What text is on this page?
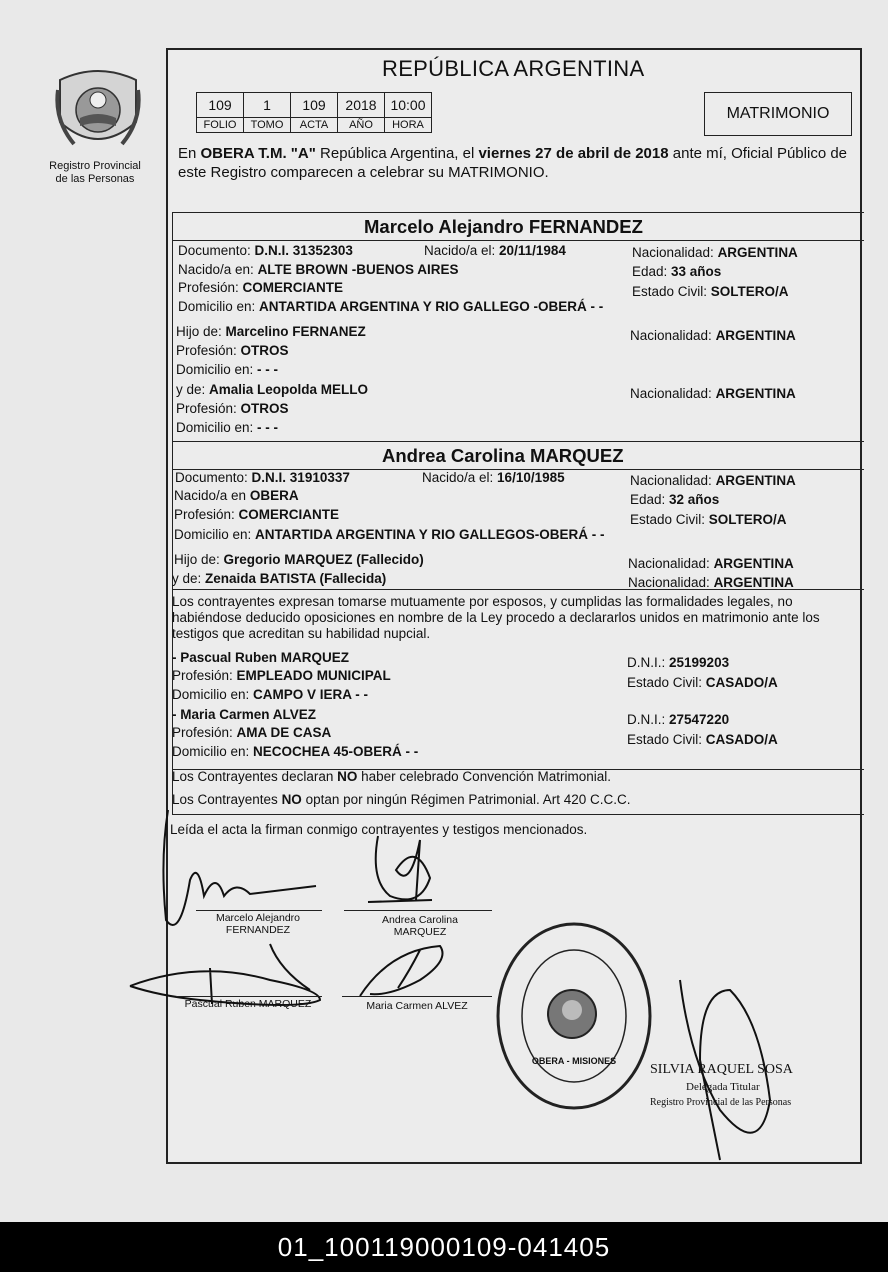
Registro Provincial
de las Personas
REPÚBLICA ARGENTINA
109	1	109	2018	10:00
FOLIO	TOMO	ACTA	AÑO	HORA
MATRIMONIO
En OBERA T.M. "A" República Argentina, el viernes 27 de abril de 2018 ante mí, Oficial Público de este Registro comparecen a celebrar su MATRIMONIO.
Marcelo Alejandro FERNANDEZ
Documento: D.N.I. 31352303	Nacido/a el: 20/11/1984	Nacionalidad: ARGENTINA
Nacido/a en: ALTE BROWN -BUENOS AIRES	Edad: 33 años
Profesión: COMERCIANTE	Estado Civil: SOLTERO/A
Domicilio en: ANTARTIDA ARGENTINA Y RIO GALLEGO -OBERÁ - -
Hijo de: Marcelino FERNANEZ	Nacionalidad: ARGENTINA
Profesión: OTROS
Domicilio en: - - -
y de: Amalia Leopolda MELLO	Nacionalidad: ARGENTINA
Profesión: OTROS
Domicilio en: - - -
Andrea Carolina MARQUEZ
Documento: D.N.I. 31910337	Nacido/a el: 16/10/1985	Nacionalidad: ARGENTINA
Nacido/a en OBERA	Edad: 32 años
Profesión: COMERCIANTE	Estado Civil: SOLTERO/A
Domicilio en: ANTARTIDA ARGENTINA Y RIO GALLEGOS-OBERÁ - -
Hijo de: Gregorio MARQUEZ (Fallecido)	Nacionalidad: ARGENTINA
y de: Zenaida BATISTA (Fallecida)	Nacionalidad: ARGENTINA
Los contrayentes expresan tomarse mutuamente por esposos, y cumplidas las formalidades legales, no habiéndose deducido oposiciones en nombre de la Ley procedo a declararlos unidos en matrimonio ante los testigos que acreditan su habilidad nupcial.
- Pascual Ruben MARQUEZ	D.N.I.: 25199203
Profesión: EMPLEADO MUNICIPAL	Estado Civil: CASADO/A
Domicilio en: CAMPO V IERA - -
- Maria Carmen ALVEZ	D.N.I.: 27547220
Profesión: AMA DE CASA	Estado Civil: CASADO/A
Domicilio en: NECOCHEA 45-OBERÁ - -
Los Contrayentes declaran NO haber celebrado Convención Matrimonial.
Los Contrayentes NO optan por ningún Régimen Patrimonial. Art 420 C.C.C.
Leída el acta la firman conmigo contrayentes y testigos mencionados.
Marcelo Alejandro
FERNANDEZ
Andrea Carolina
MARQUEZ
Pascual Ruben MARQUEZ	Maria Carmen ALVEZ
OBERA - MISIONES
SILVIA RAQUEL SOSA
Delegada Titular
Registro Provincial de las Personas
01_100119000109-041405
